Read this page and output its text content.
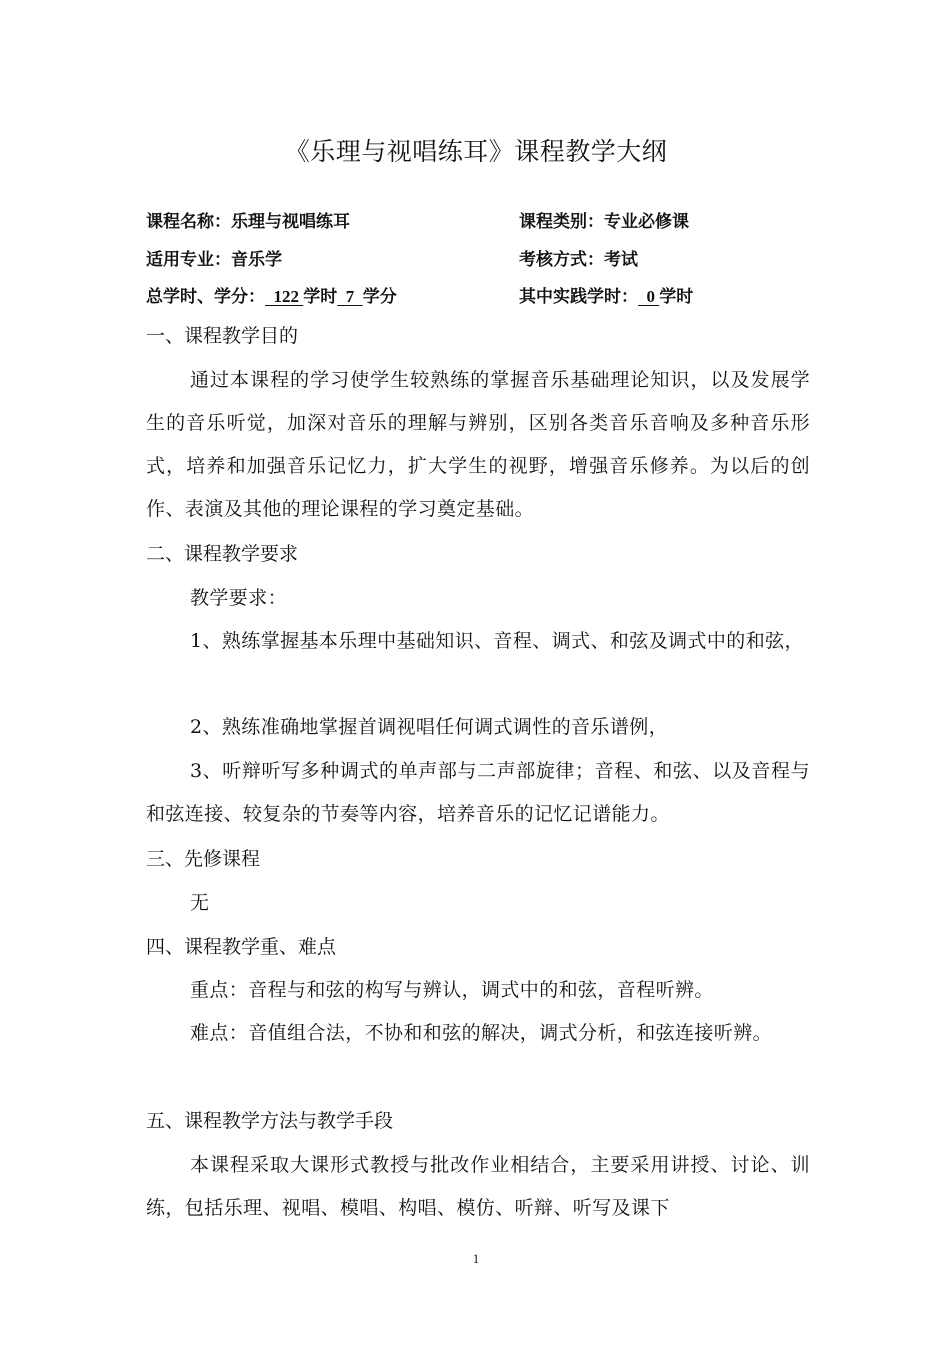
《乐理与视唱练耳》课程教学大纲
课程名称：乐理与视唱练耳	课程类别：专业必修课
适用专业：音乐学	考核方式：考试
总学时、学分： 122 学时 7 学分	其中实践学时： 0 学时
一、课程教学目的
通过本课程的学习使学生较熟练的掌握音乐基础理论知识，以及发展学生的音乐听觉，加深对音乐的理解与辨别，区别各类音乐音响及多种音乐形式，培养和加强音乐记忆力，扩大学生的视野，增强音乐修养。为以后的创作、表演及其他的理论课程的学习奠定基础。
二、课程教学要求
教学要求：
1、熟练掌握基本乐理中基础知识、音程、调式、和弦及调式中的和弦，
2、熟练准确地掌握首调视唱任何调式调性的音乐谱例，
3、听辩听写多种调式的单声部与二声部旋律；音程、和弦、以及音程与和弦连接、较复杂的节奏等内容，培养音乐的记忆记谱能力。
三、先修课程
无
四、课程教学重、难点
重点：音程与和弦的构写与辨认，调式中的和弦，音程听辨。
难点：音值组合法，不协和和弦的解决，调式分析，和弦连接听辨。
五、课程教学方法与教学手段
本课程采取大课形式教授与批改作业相结合，主要采用讲授、讨论、训练，包括乐理、视唱、模唱、构唱、模仿、听辩、听写及课下
1
